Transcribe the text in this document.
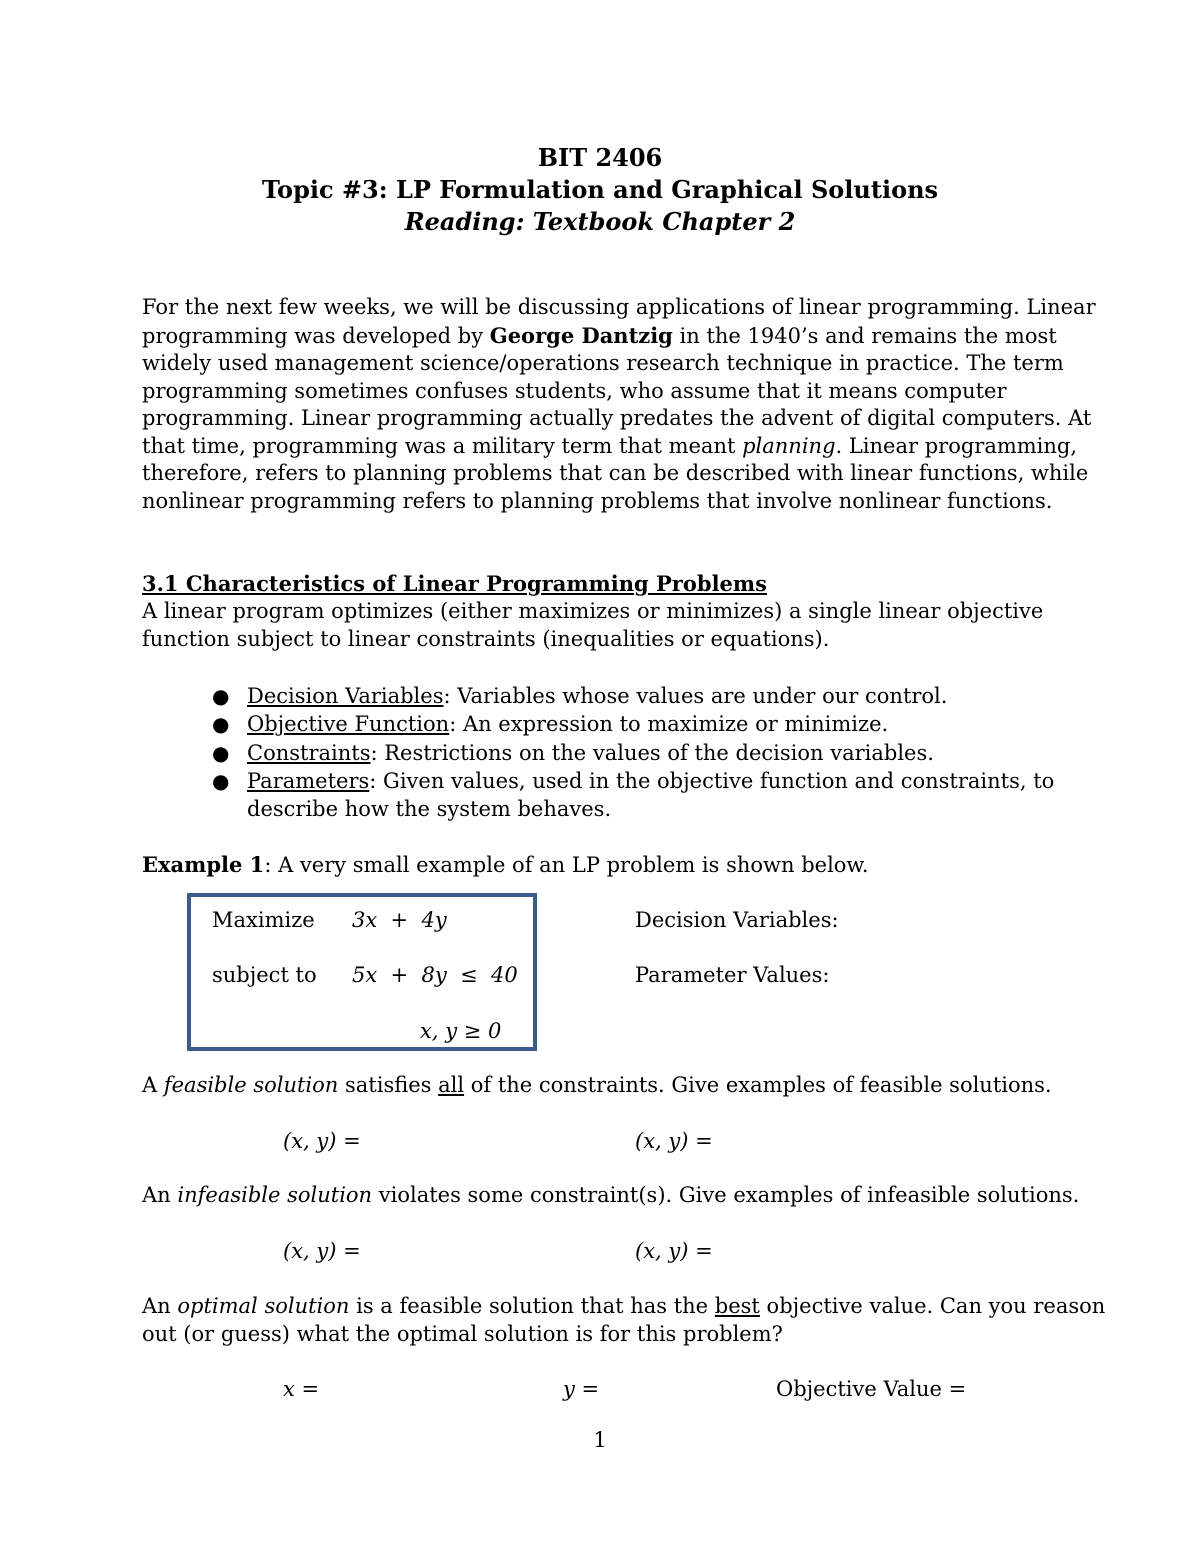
BIT 2406
Topic #3: LP Formulation and Graphical Solutions
Reading: Textbook Chapter 2
For the next few weeks, we will be discussing applications of linear programming. Linear
programming was developed by George Dantzig in the 1940’s and remains the most
widely used management science/operations research technique in practice. The term
programming sometimes confuses students, who assume that it means computer
programming. Linear programming actually predates the advent of digital computers. At
that time, programming was a military term that meant planning. Linear programming,
therefore, refers to planning problems that can be described with linear functions, while
nonlinear programming refers to planning problems that involve nonlinear functions.
3.1 Characteristics of Linear Programming Problems
A linear program optimizes (either maximizes or minimizes) a single linear objective
function subject to linear constraints (inequalities or equations).
● Decision Variables: Variables whose values are under our control.
● Objective Function: An expression to maximize or minimize.
● Constraints: Restrictions on the values of the decision variables.
● Parameters: Given values, used in the objective function and constraints, to
describe how the system behaves.
Example 1: A very small example of an LP problem is shown below.
Maximize 3x  +  4y
subject to 5x  +  8y  ≤  40
x, y ≥ 0
Decision Variables:
Parameter Values:
A feasible solution satisfies all of the constraints. Give examples of feasible solutions.
(x, y) =	(x, y) =
An infeasible solution violates some constraint(s). Give examples of infeasible solutions.
(x, y) =	(x, y) =
An optimal solution is a feasible solution that has the best objective value. Can you reason
out (or guess) what the optimal solution is for this problem?
x =	y =	Objective Value =
1
